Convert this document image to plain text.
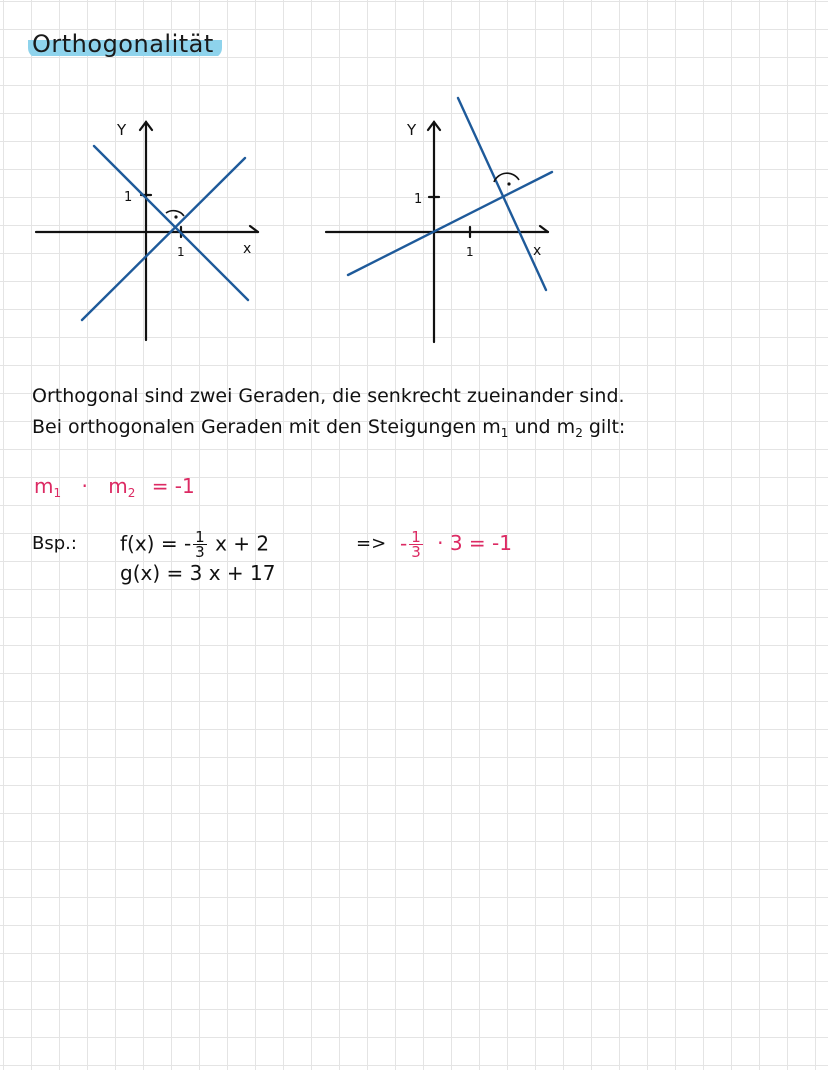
Orthogonalität
Y
x
1
1
Y
x
1
1
Orthogonal sind zwei Geraden, die senkrecht zueinander sind.
Bei orthogonalen Geraden mit den Steigungen $m_1$ und $m_2$ gilt:
$m_1 \cdot m_2 = -1$
Bsp.: f(x) = - $\frac{1}{3}$ x + 2
g(x) = 3 x + 17
=> - $\frac{1}{3} \cdot 3 = -1$
